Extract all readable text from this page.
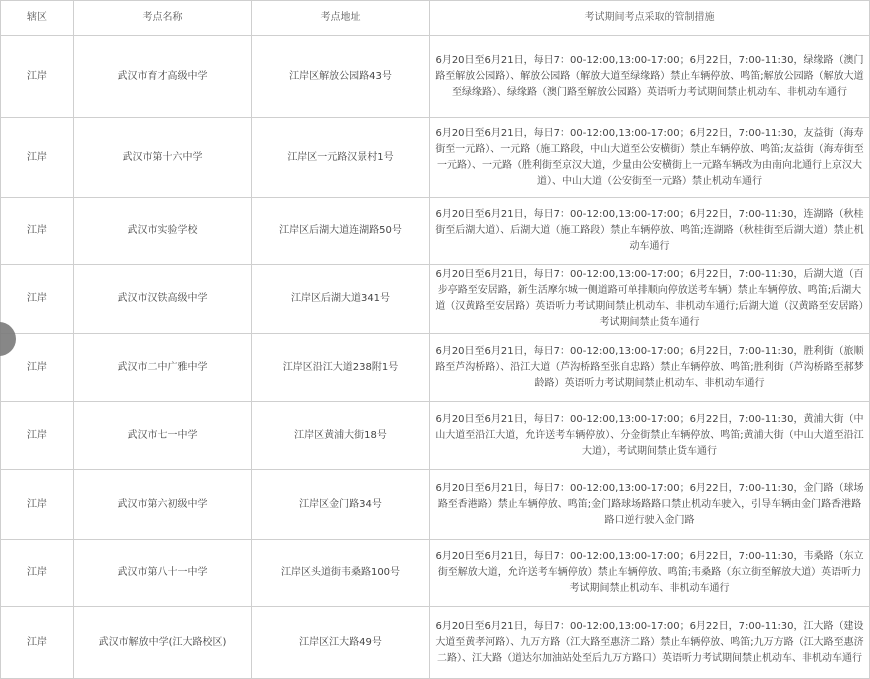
辖区	考点名称	考点地址	考试期间考点采取的管制措施
江岸	武汉市育才高级中学	江岸区解放公园路43号	6月20日至6月21日，每日7：00-12:00,13:00-17:00；6月22日，7:00-11:30，绿缘路（澳门路至解放公园路）、解放公园路（解放大道至绿缘路）禁止车辆停放、鸣笛;解放公园路（解放大道至绿缘路）、绿缘路（澳门路至解放公园路）英语听力考试期间禁止机动车、非机动车通行
江岸	武汉市第十六中学	江岸区一元路汉景村1号	6月20日至6月21日，每日7：00-12:00,13:00-17:00；6月22日，7:00-11:30，友益街（海寿街至一元路）、一元路（施工路段，中山大道至公安横街）禁止车辆停放、鸣笛;友益街（海寿街至一元路）、一元路（胜利街至京汉大道，少量由公安横街上一元路车辆改为由南向北通行上京汉大道）、中山大道（公安街至一元路）禁止机动车通行
江岸	武汉市实验学校	江岸区后湖大道连湖路50号	6月20日至6月21日，每日7：00-12:00,13:00-17:00；6月22日，7:00-11:30，连湖路（秋桂街至后湖大道）、后湖大道（施工路段）禁止车辆停放、鸣笛;连湖路（秋桂街至后湖大道）禁止机动车通行
江岸	武汉市汉铁高级中学	江岸区后湖大道341号	6月20日至6月21日，每日7：00-12:00,13:00-17:00；6月22日，7:00-11:30，后湖大道（百步亭路至安居路，新生活摩尔城一侧道路可单排顺向停放送考车辆）禁止车辆停放、鸣笛;后湖大道（汉黄路至安居路）英语听力考试期间禁止机动车、非机动车通行;后湖大道（汉黄路至安居路）考试期间禁止货车通行
江岸	武汉市二中广雅中学	江岸区沿江大道238附1号	6月20日至6月21日，每日7：00-12:00,13:00-17:00；6月22日，7:00-11:30，胜利街（旅顺路至芦沟桥路）、沿江大道（芦沟桥路至张自忠路）禁止车辆停放、鸣笛;胜利街（芦沟桥路至郝梦龄路）英语听力考试期间禁止机动车、非机动车通行
江岸	武汉市七一中学	江岸区黄浦大街18号	6月20日至6月21日，每日7：00-12:00,13:00-17:00；6月22日，7:00-11:30，黄浦大街（中山大道至沿江大道，允许送考车辆停放）、分金街禁止车辆停放、鸣笛;黄浦大街（中山大道至沿江大道），考试期间禁止货车通行
江岸	武汉市第六初级中学	江岸区金门路34号	6月20日至6月21日，每日7：00-12:00,13:00-17:00；6月22日，7:00-11:30，金门路（球场路至香港路）禁止车辆停放、鸣笛;金门路球场路路口禁止机动车驶入，引导车辆由金门路香港路路口逆行驶入金门路
江岸	武汉市第八十一中学	江岸区头道街韦桑路100号	6月20日至6月21日，每日7：00-12:00,13:00-17:00；6月22日，7:00-11:30，韦桑路（东立街至解放大道，允许送考车辆停放）禁止车辆停放、鸣笛;韦桑路（东立街至解放大道）英语听力考试期间禁止机动车、非机动车通行
江岸	武汉市解放中学(江大路校区)	江岸区江大路49号	6月20日至6月21日，每日7：00-12:00,13:00-17:00；6月22日，7:00-11:30，江大路（建设大道至黄孝河路）、九万方路（江大路至惠济二路）禁止车辆停放、鸣笛;九万方路（江大路至惠济二路）、江大路（道达尔加油站处至后九万方路口）英语听力考试期间禁止机动车、非机动车通行
